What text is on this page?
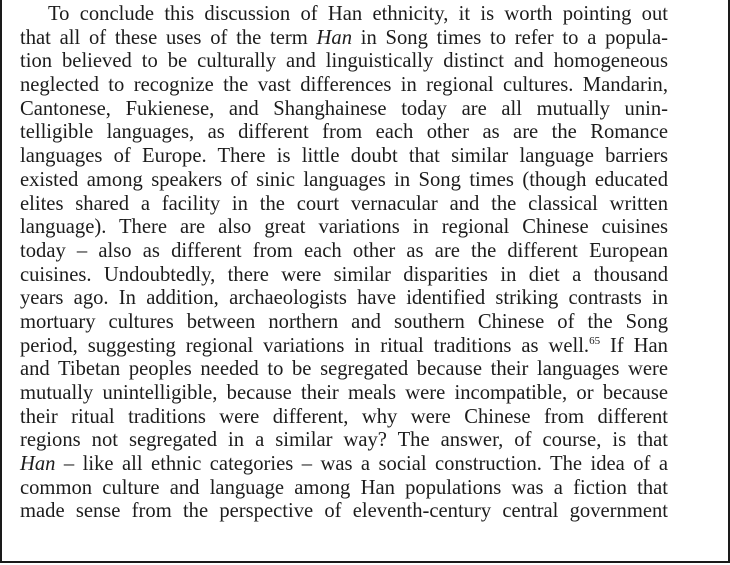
To conclude this discussion of Han ethnicity, it is worth pointing out
that all of these uses of the term Han in Song times to refer to a popula-
tion believed to be culturally and linguistically distinct and homogeneous
neglected to recognize the vast differences in regional cultures. Mandarin,
Cantonese, Fukienese, and Shanghainese today are all mutually unin-
telligible languages, as different from each other as are the Romance
languages of Europe. There is little doubt that similar language barriers
existed among speakers of sinic languages in Song times (though educated
elites shared a facility in the court vernacular and the classical written
language). There are also great variations in regional Chinese cuisines
today – also as different from each other as are the different European
cuisines. Undoubtedly, there were similar disparities in diet a thousand
years ago. In addition, archaeologists have identified striking contrasts in
mortuary cultures between northern and southern Chinese of the Song
period, suggesting regional variations in ritual traditions as well.$^{65}$ If Han
and Tibetan peoples needed to be segregated because their languages were
mutually unintelligible, because their meals were incompatible, or because
their ritual traditions were different, why were Chinese from different
regions not segregated in a similar way? The answer, of course, is that
Han – like all ethnic categories – was a social construction. The idea of a
common culture and language among Han populations was a fiction that
made sense from the perspective of eleventh-century central government
